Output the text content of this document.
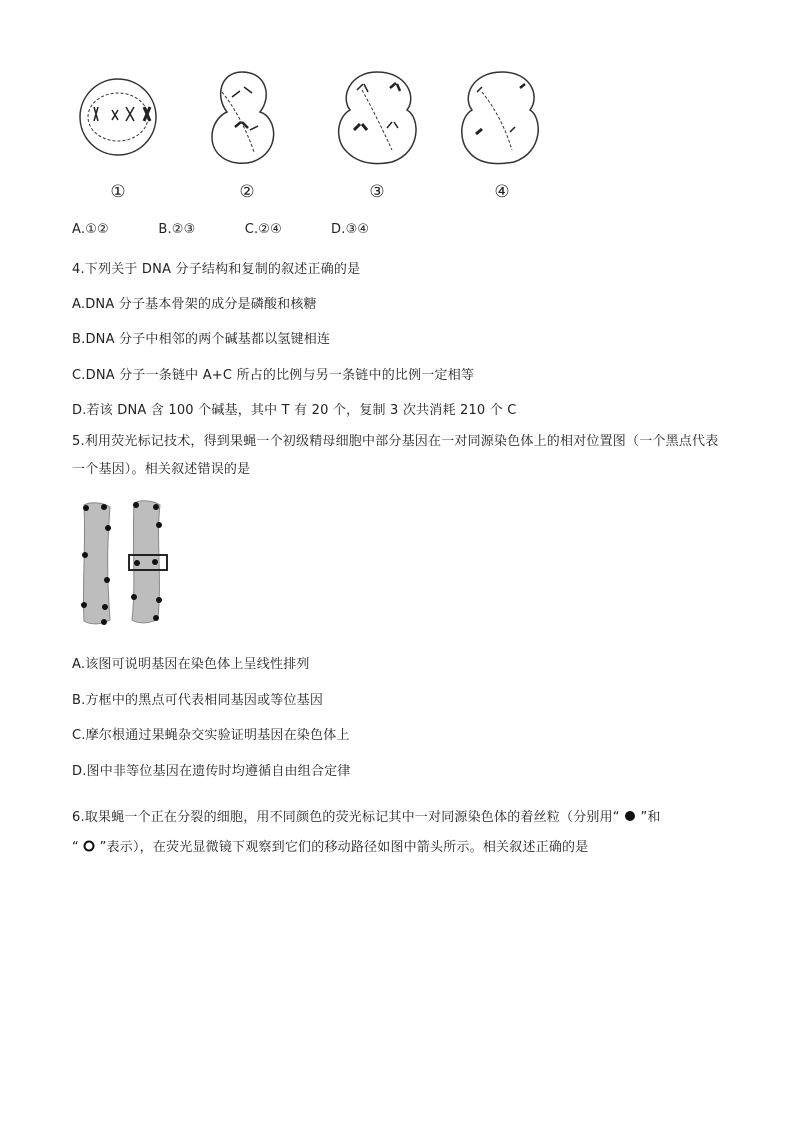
①	②	③	④
A.①②	B.②③	C.②④	D.③④
4.下列关于 DNA 分子结构和复制的叙述正确的是
A.DNA 分子基本骨架的成分是磷酸和核糖
B.DNA 分子中相邻的两个碱基都以氢键相连
C.DNA 分子一条链中 A+C 所占的比例与另一条链中的比例一定相等
D.若该 DNA 含 100 个碱基，其中 T 有 20 个，复制 3 次共消耗 210 个 C
5.利用荧光标记技术，得到果蝇一个初级精母细胞中部分基因在一对同源染色体上的相对位置图（一个黑点代表一个基因）。相关叙述错误的是
A.该图可说明基因在染色体上呈线性排列
B.方框中的黑点可代表相同基因或等位基因
C.摩尔根通过果蝇杂交实验证明基因在染色体上
D.图中非等位基因在遗传时均遵循自由组合定律
6.取果蝇一个正在分裂的细胞，用不同颜色的荧光标记其中一对同源染色体的着丝粒（分别用“ ”和
“ ”表示），在荧光显微镜下观察到它们的移动路径如图中箭头所示。相关叙述正确的是
